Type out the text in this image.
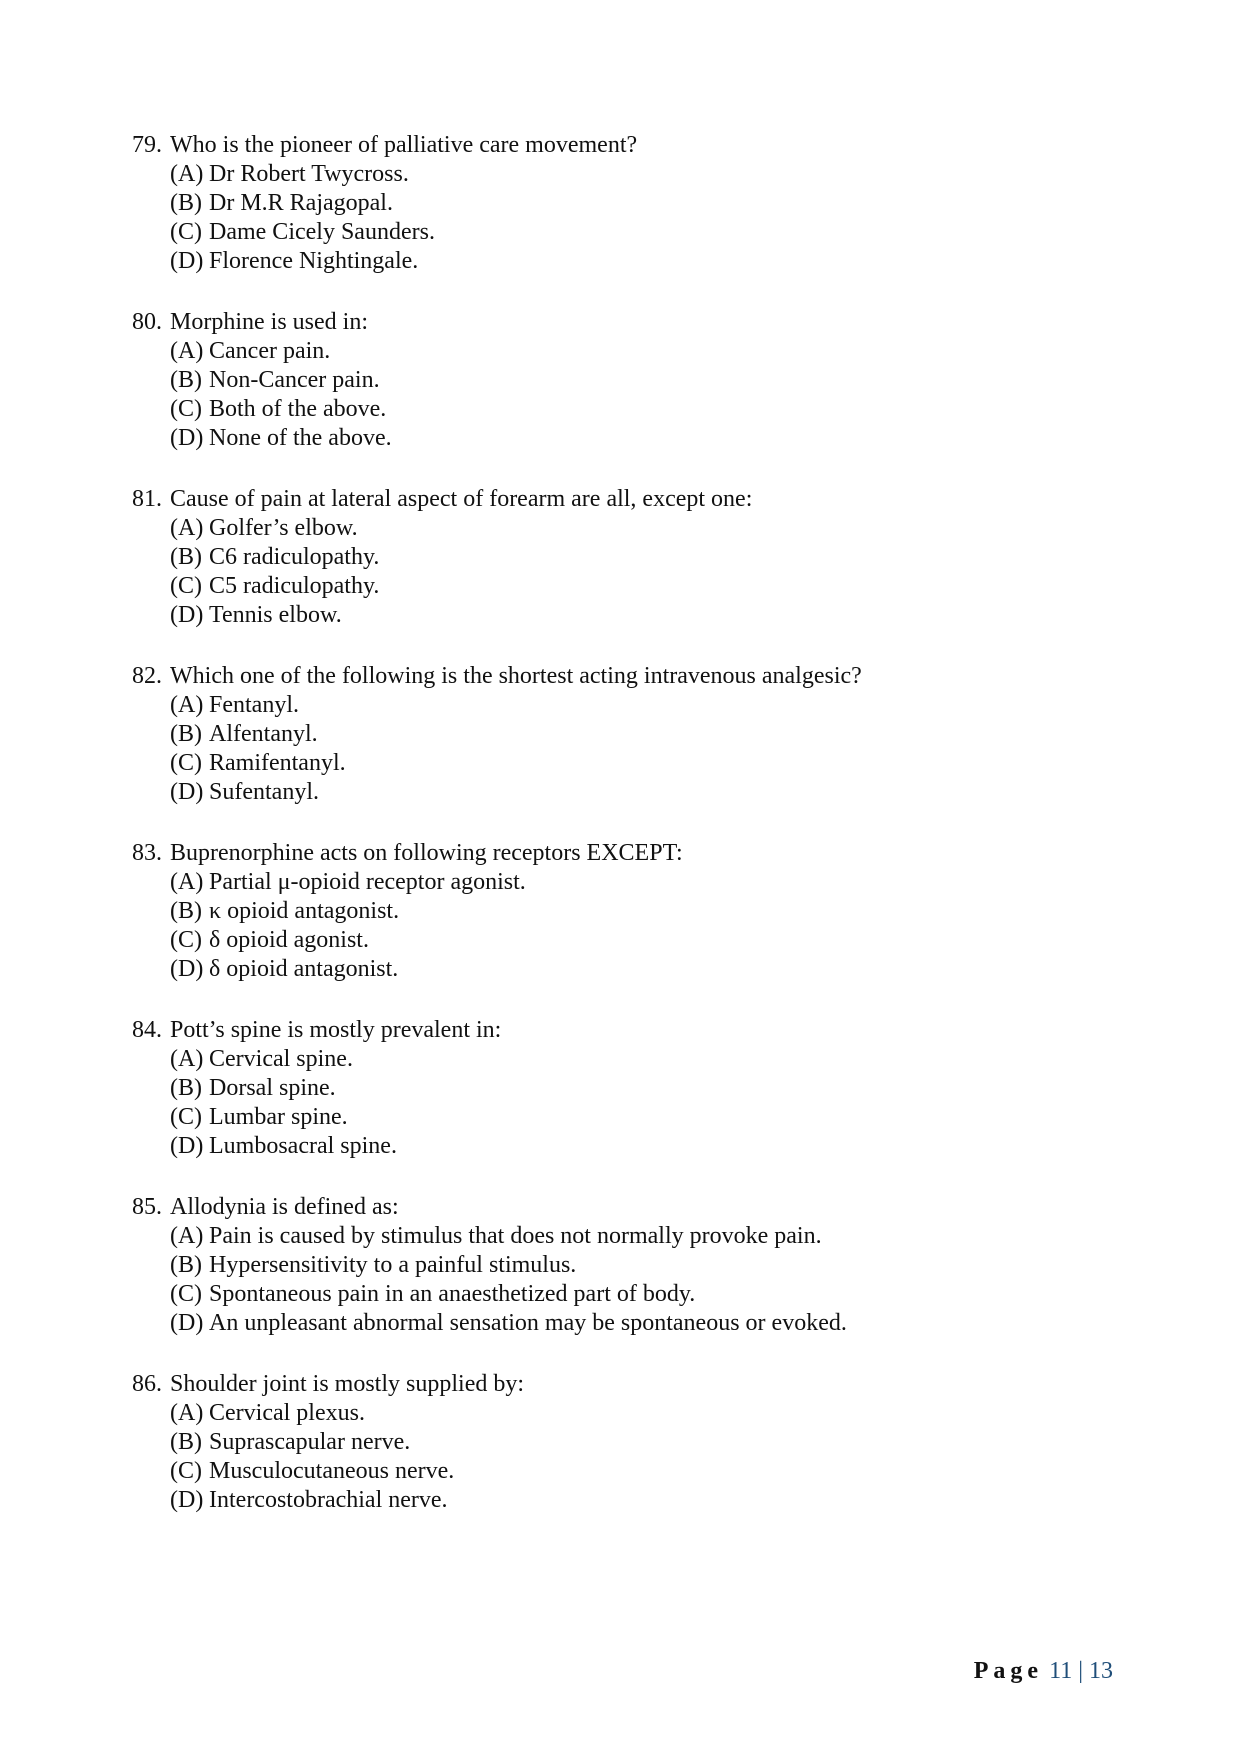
79. Who is the pioneer of palliative care movement?
(A) Dr Robert Twycross.
(B) Dr M.R Rajagopal.
(C) Dame Cicely Saunders.
(D) Florence Nightingale.
80. Morphine is used in:
(A) Cancer pain.
(B) Non-Cancer pain.
(C) Both of the above.
(D) None of the above.
81. Cause of pain at lateral aspect of forearm are all, except one:
(A) Golfer’s elbow.
(B) C6 radiculopathy.
(C) C5 radiculopathy.
(D) Tennis elbow.
82. Which one of the following is the shortest acting intravenous analgesic?
(A) Fentanyl.
(B) Alfentanyl.
(C) Ramifentanyl.
(D) Sufentanyl.
83. Buprenorphine acts on following receptors EXCEPT:
(A) Partial μ-opioid receptor agonist.
(B) κ opioid antagonist.
(C) δ opioid agonist.
(D) δ opioid antagonist.
84. Pott’s spine is mostly prevalent in:
(A) Cervical spine.
(B) Dorsal spine.
(C) Lumbar spine.
(D) Lumbosacral spine.
85. Allodynia is defined as:
(A) Pain is caused by stimulus that does not normally provoke pain.
(B) Hypersensitivity to a painful stimulus.
(C) Spontaneous pain in an anaesthetized part of body.
(D) An unpleasant abnormal sensation may be spontaneous or evoked.
86. Shoulder joint is mostly supplied by:
(A) Cervical plexus.
(B) Suprascapular nerve.
(C) Musculocutaneous nerve.
(D) Intercostobrachial nerve.
Page 11 | 13
